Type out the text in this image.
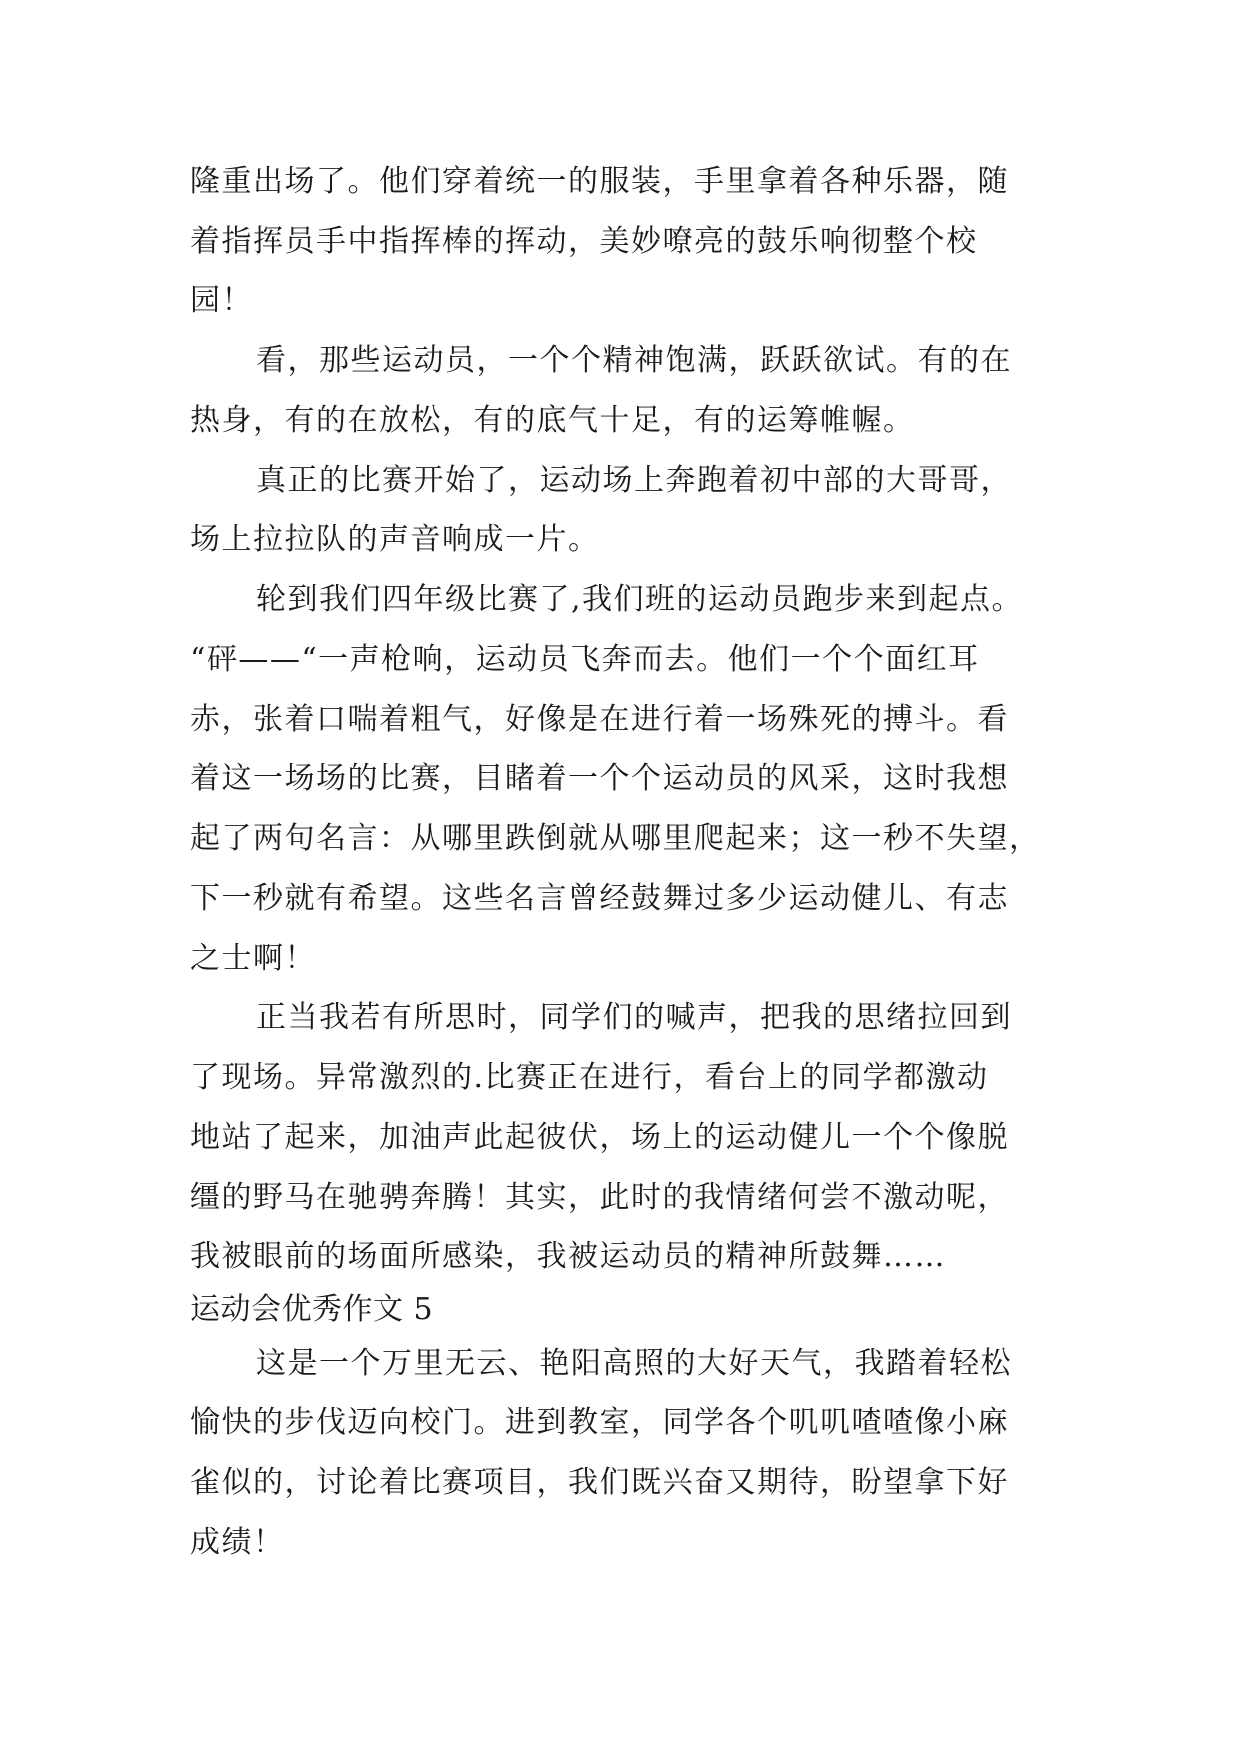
隆重出场了。他们穿着统一的服装，手里拿着各种乐器，随
着指挥员手中指挥棒的挥动，美妙嘹亮的鼓乐响彻整个校
园！
看，那些运动员，一个个精神饱满，跃跃欲试。有的在
热身，有的在放松，有的底气十足，有的运筹帷幄。
真正的比赛开始了，运动场上奔跑着初中部的大哥哥，
场上拉拉队的声音响成一片。
轮到我们四年级比赛了,我们班的运动员跑步来到起点。
“砰——“一声枪响，运动员飞奔而去。他们一个个面红耳
赤，张着口喘着粗气，好像是在进行着一场殊死的搏斗。看
着这一场场的比赛，目睹着一个个运动员的风采，这时我想
起了两句名言：从哪里跌倒就从哪里爬起来；这一秒不失望，
下一秒就有希望。这些名言曾经鼓舞过多少运动健儿、有志
之士啊！
正当我若有所思时，同学们的喊声，把我的思绪拉回到
了现场。异常激烈的.比赛正在进行，看台上的同学都激动
地站了起来，加油声此起彼伏，场上的运动健儿一个个像脱
缰的野马在驰骋奔腾！其实，此时的我情绪何尝不激动呢，
我被眼前的场面所感染，我被运动员的精神所鼓舞……
运动会优秀作文 5
这是一个万里无云、艳阳高照的大好天气，我踏着轻松
愉快的步伐迈向校门。进到教室，同学各个叽叽喳喳像小麻
雀似的，讨论着比赛项目，我们既兴奋又期待，盼望拿下好
成绩！
